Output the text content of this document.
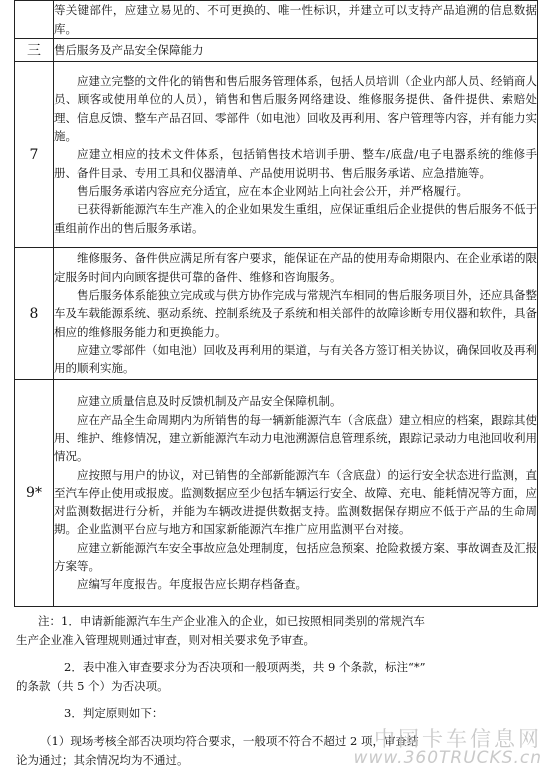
	等关键部件，应建立易见的、不可更换的、唯一性标识，并建立可以支持产品追溯的信息数据库。

三	售后服务及产品安全保障能力

7	应建立完整的文件化的销售和售后服务管理体系，包括人员培训（企业内部人员、经销商人员、顾客或使用单位的人员），销售和售后服务网络建设、维修服务提供、备件提供、索赔处理、信息反馈、整车产品召回、零部件（如电池）回收及再利用、客户管理等内容，并有能力实施。

应建立相应的技术文件体系，包括销售技术培训手册、整车/底盘/电子电器系统的维修手册、备件目录、专用工具和仪器清单、产品使用说明书、售后服务承诺、应急措施等。

售后服务承诺内容应充分适宜，应在本企业网站上向社会公开，并严格履行。

已获得新能源汽车生产准入的企业如果发生重组，应保证重组后企业提供的售后服务不低于重组前作出的售后服务承诺。

8	维修服务、备件供应满足所有客户要求，能保证在产品的使用寿命期限内、在企业承诺的限定服务时间内向顾客提供可靠的备件、维修和咨询服务。

售后服务体系能独立完成或与供方协作完成与常规汽车相同的售后服务项目外，还应具备整车及车载能源系统、驱动系统、控制系统及子系统和相关部件的故障诊断专用仪器和软件，具备相应的维修服务能力和更换能力。

应建立零部件（如电池）回收及再利用的渠道，与有关各方签订相关协议，确保回收及再利用的顺利实施。

9*	应建立质量信息及时反馈机制及产品安全保障机制。

应在产品全生命周期内为所销售的每一辆新能源汽车（含底盘）建立相应的档案，跟踪其使用、维护、维修情况，建立新能源汽车动力电池溯源信息管理系统，跟踪记录动力电池回收利用情况。

应按照与用户的协议，对已销售的全部新能源汽车（含底盘）的运行安全状态进行监测，直至汽车停止使用或报废。监测数据应至少包括车辆运行安全、故障、充电、能耗情况等方面，应对监测数据进行分析，并能为车辆改进提供数据支持。监测数据保存期应不低于产品的生命周期。企业监测平台应与地方和国家新能源汽车推广应用监测平台对接。

应建立新能源汽车安全事故应急处理制度，包括应急预案、抢险救援方案、事故调查及汇报方案等。

应编写年度报告。年度报告应长期存档备查。

注：1．申请新能源汽车生产企业准入的企业，如已按照相同类别的常规汽车

生产企业准入管理规则通过审查，则对相关要求免予审查。

2．表中准入审查要求分为否决项和一般项两类，共 9 个条款，标注“*”

的条款（共 5 个）为否决项。

3．判定原则如下：

（1）现场考核全部否决项均符合要求，一般项不符合不超过 2 项，审查结

论为通过；其余情况均为不通过。

中国卡车信息网
www.360TRUCKS.cn
